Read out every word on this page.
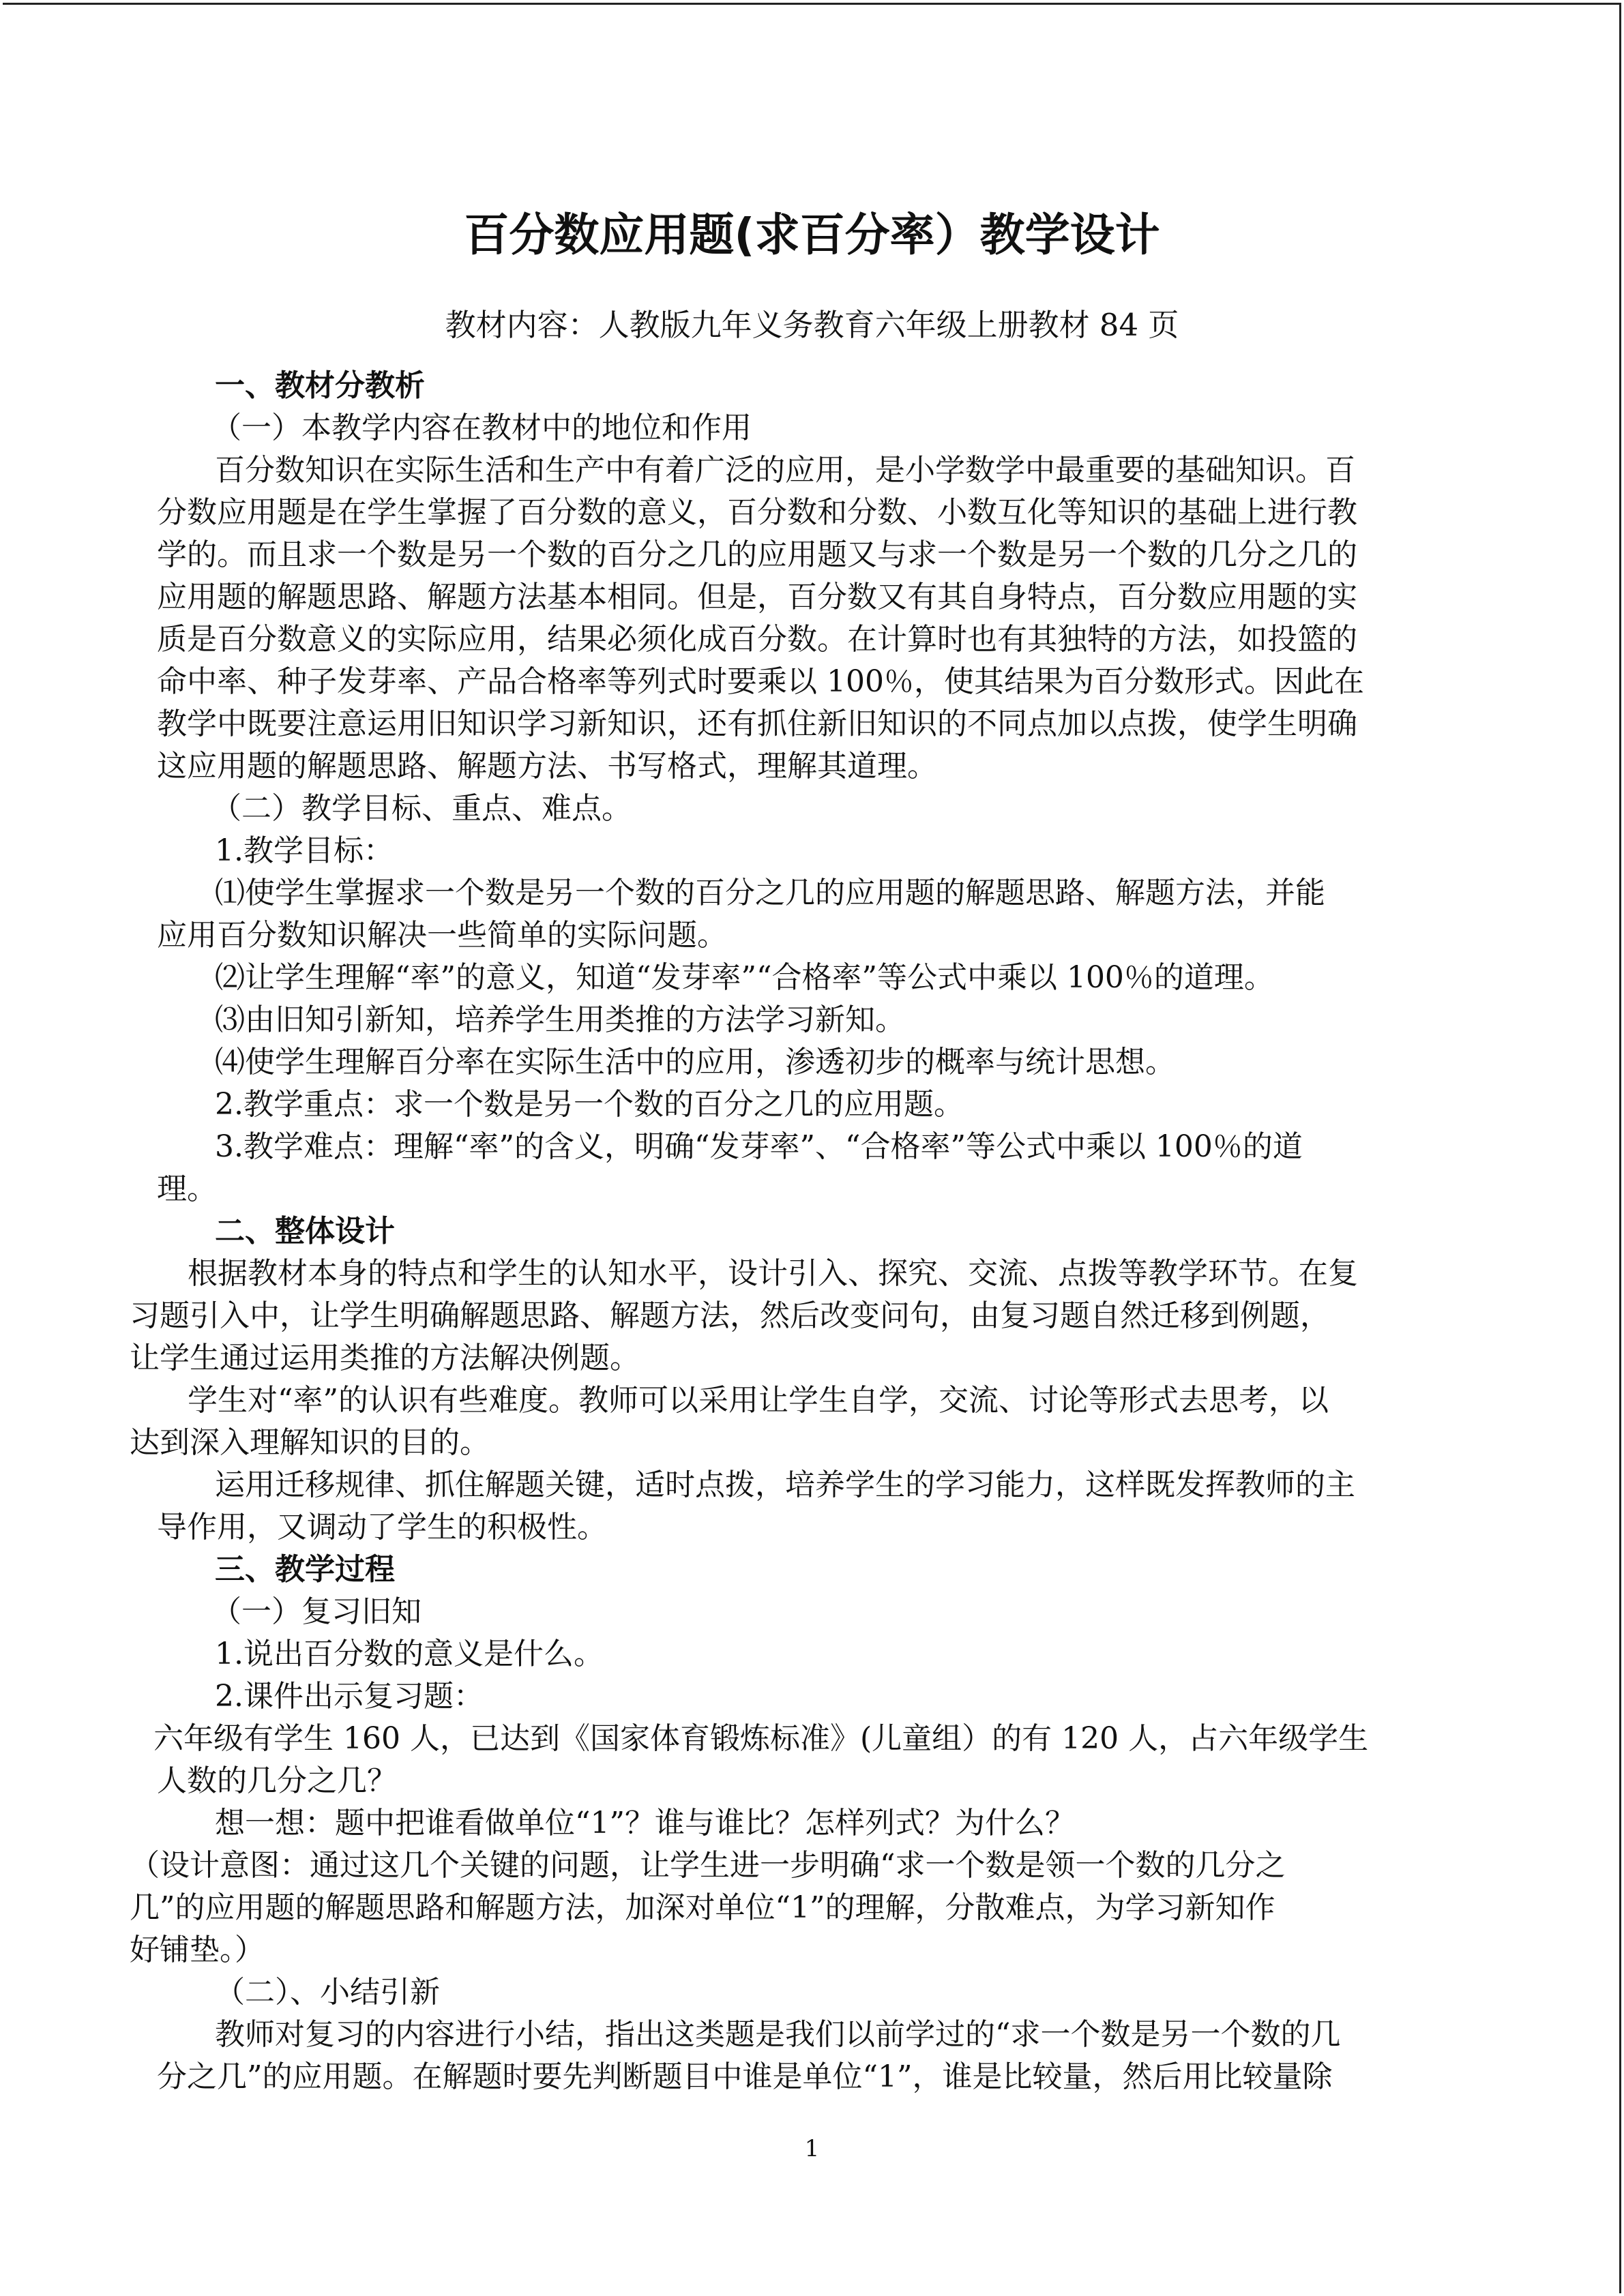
百分数应用题(求百分率）教学设计
教材内容：人教版九年义务教育六年级上册教材 84 页
一、教材分教析
（一）本教学内容在教材中的地位和作用
百分数知识在实际生活和生产中有着广泛的应用，是小学数学中最重要的基础知识。百
分数应用题是在学生掌握了百分数的意义，百分数和分数、小数互化等知识的基础上进行教
学的。而且求一个数是另一个数的百分之几的应用题又与求一个数是另一个数的几分之几的
应用题的解题思路、解题方法基本相同。但是，百分数又有其自身特点，百分数应用题的实
质是百分数意义的实际应用，结果必须化成百分数。在计算时也有其独特的方法，如投篮的
命中率、种子发芽率、产品合格率等列式时要乘以 100％，使其结果为百分数形式。因此在
教学中既要注意运用旧知识学习新知识，还有抓住新旧知识的不同点加以点拨，使学生明确
这应用题的解题思路、解题方法、书写格式，理解其道理。
（二）教学目标、重点、难点。
1.教学目标：
⑴使学生掌握求一个数是另一个数的百分之几的应用题的解题思路、解题方法，并能
应用百分数知识解决一些简单的实际问题。
⑵让学生理解“率”的意义，知道“发芽率”“合格率”等公式中乘以 100％的道理。
⑶由旧知引新知，培养学生用类推的方法学习新知。
⑷使学生理解百分率在实际生活中的应用，渗透初步的概率与统计思想。
2.教学重点：求一个数是另一个数的百分之几的应用题。
3.教学难点：理解“率”的含义，明确“发芽率”、“合格率”等公式中乘以 100％的道
理。
二、整体设计
根据教材本身的特点和学生的认知水平，设计引入、探究、交流、点拨等教学环节。在复
习题引入中，让学生明确解题思路、解题方法，然后改变问句，由复习题自然迁移到例题，
让学生通过运用类推的方法解决例题。
学生对“率”的认识有些难度。教师可以采用让学生自学，交流、讨论等形式去思考，以
达到深入理解知识的目的。
运用迁移规律、抓住解题关键，适时点拨，培养学生的学习能力，这样既发挥教师的主
导作用，又调动了学生的积极性。
三、教学过程
（一）复习旧知
1.说出百分数的意义是什么。
2.课件出示复习题：
六年级有学生 160 人，已达到《国家体育锻炼标准》(儿童组）的有 120 人，占六年级学生
人数的几分之几？
想一想：题中把谁看做单位“1”？谁与谁比？怎样列式？为什么？
（设计意图：通过这几个关键的问题，让学生进一步明确“求一个数是领一个数的几分之
几”的应用题的解题思路和解题方法，加深对单位“1”的理解，分散难点，为学习新知作
好铺垫。）
（二）、小结引新
教师对复习的内容进行小结，指出这类题是我们以前学过的“求一个数是另一个数的几
分之几”的应用题。在解题时要先判断题目中谁是单位“1”，谁是比较量，然后用比较量除
1
